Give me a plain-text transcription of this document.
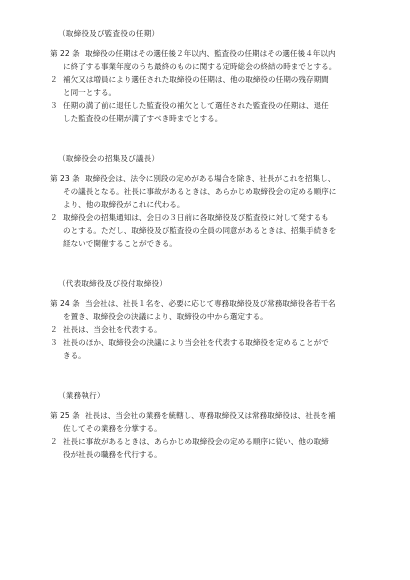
（取締役及び監査役の任期）
第 22 条 取締役の任期はその選任後２年以内、監査役の任期はその選任後４年以内
に終了する事業年度のうち最終のものに関する定時総会の終結の時までとする。
２ 補欠又は増員により選任された取締役の任期は、他の取締役の任期の残存期間
と同一とする。
３ 任期の満了前に退任した監査役の補欠として選任された監査役の任期は、退任
した監査役の任期が満了すべき時までとする。
（取締役会の招集及び議長）
第 23 条 取締役会は、法令に別段の定めがある場合を除き、社長がこれを招集し、
その議長となる。社長に事故があるときは、あらかじめ取締役会の定める順序に
より、他の取締役がこれに代わる。
２ 取締役会の招集通知は、会日の３日前に各取締役及び監査役に対して発するも
のとする。ただし、取締役及び監査役の全員の同意があるときは、招集手続きを
経ないで開催することができる。
（代表取締役及び役付取締役）
第 24 条 当会社は、社長１名を、必要に応じて専務取締役及び常務取締役各若干名
を置き、取締役会の決議により、取締役の中から選定する。
２ 社長は、当会社を代表する。
３ 社長のほか、取締役会の決議により当会社を代表する取締役を定めることがで
きる。
（業務執行）
第 25 条 社長は、当会社の業務を統轄し、専務取締役又は常務取締役は、社長を補
佐してその業務を分掌する。
２ 社長に事故があるときは、あらかじめ取締役会の定める順序に従い、他の取締
役が社長の職務を代行する。
